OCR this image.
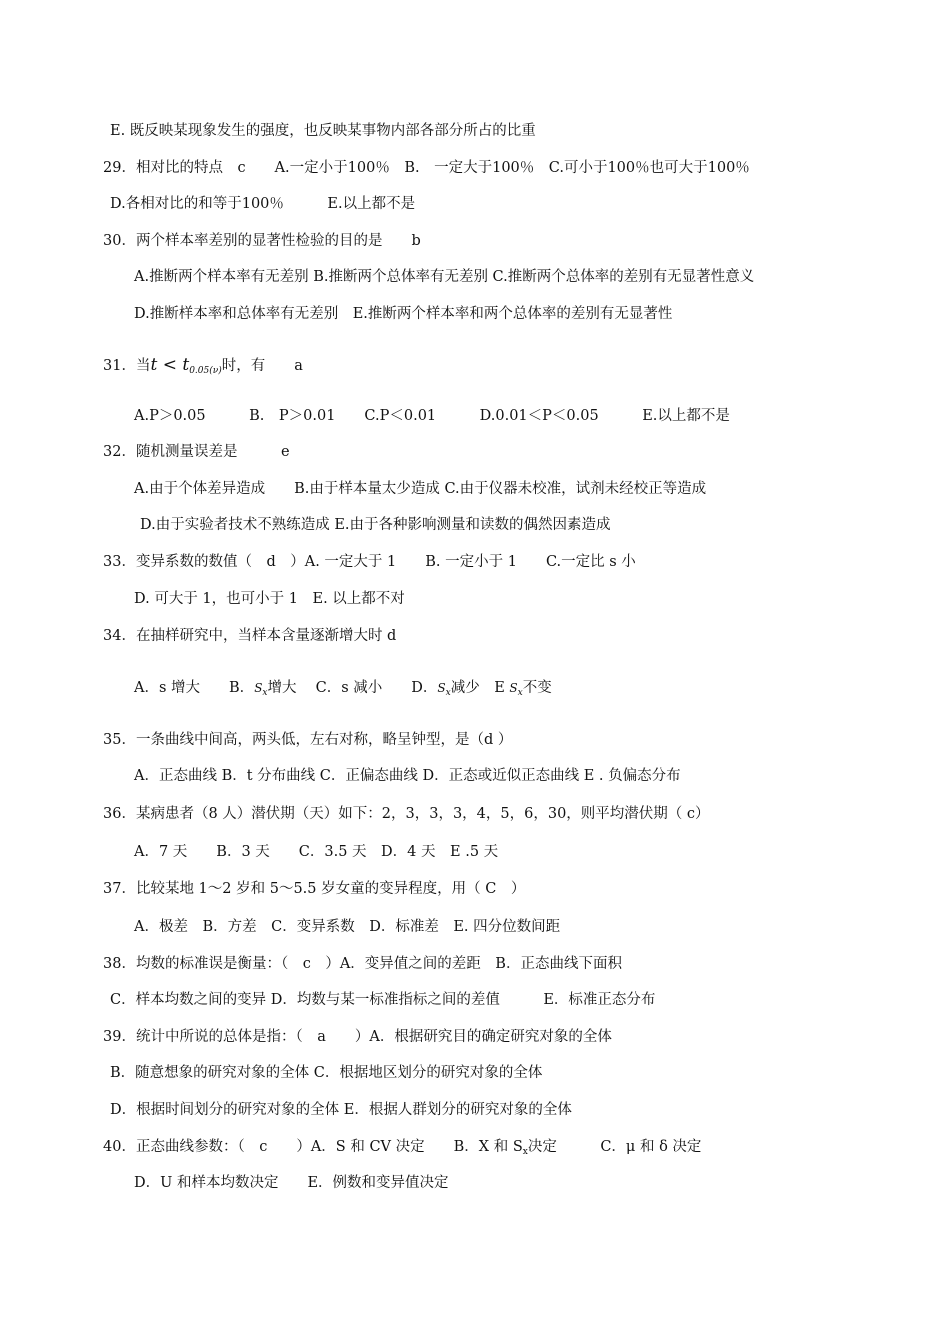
E. 既反映某现象发生的强度，也反映某事物内部各部分所占的比重
29．相对比的特点　c　　A.一定小于100％　B.　一定大于100％　C.可小于100％也可大于100％
D.各相对比的和等于100％　　　E.以上都不是
30．两个样本率差别的显著性检验的目的是　　b
A.推断两个样本率有无差别 B.推断两个总体率有无差别 C.推断两个总体率的差别有无显著性意义
D.推断样本率和总体率有无差别　E.推断两个样本率和两个总体率的差别有无显著性
31．当$t < t_{0.05(\nu)}$时，有　　a
A.P＞0.05　　　B.　P＞0.01　　C.P＜0.01　　　D.0.01＜P＜0.05　　　E.以上都不是
32．随机测量误差是　　　e
A.由于个体差异造成　　B.由于样本量太少造成 C.由于仪器未校准，试剂未经校正等造成
D.由于实验者技术不熟练造成 E.由于各种影响测量和读数的偶然因素造成
33．变异系数的数值（　d　）A. 一定大于 1　　B. 一定小于 1　　C.一定比 s 小
D. 可大于 1，也可小于 1　E. 以上都不对
34．在抽样研究中，当样本含量逐渐增大时 d
A．s 增大　　B．$S_x$增大　 C．s 减小　　D．$S_x$减少　E $S_x$不变
35．一条曲线中间高，两头低，左右对称，略呈钟型，是（d ）
A．正态曲线 B．t 分布曲线 C．正偏态曲线 D．正态或近似正态曲线 E . 负偏态分布
36．某病患者（8 人）潜伏期（天）如下：2，3，3，3，4，5，6，30，则平均潜伏期（ c）
A．7 天　　B．3 天　　C．3.5 天　D．4 天　E .5 天
37．比较某地 1～2 岁和 5～5.5 岁女童的变异程度，用（ C　）
A．极差　B．方差　C．变异系数　D．标准差　E. 四分位数间距
38．均数的标准误是衡量：（　c　）A．变异值之间的差距　B．正态曲线下面积
C．样本均数之间的变异 D．均数与某一标准指标之间的差值　　　E．标准正态分布
39．统计中所说的总体是指：（　a　　）A．根据研究目的确定研究对象的全体
B．随意想象的研究对象的全体 C．根据地区划分的研究对象的全体
D．根据时间划分的研究对象的全体 E．根据人群划分的研究对象的全体
40．正态曲线参数：（　c　　）A．S 和 CV 决定　　B．X 和 $S_x$决定　　　C．μ 和 δ 决定
D．U 和样本均数决定　　E．例数和变异值决定
